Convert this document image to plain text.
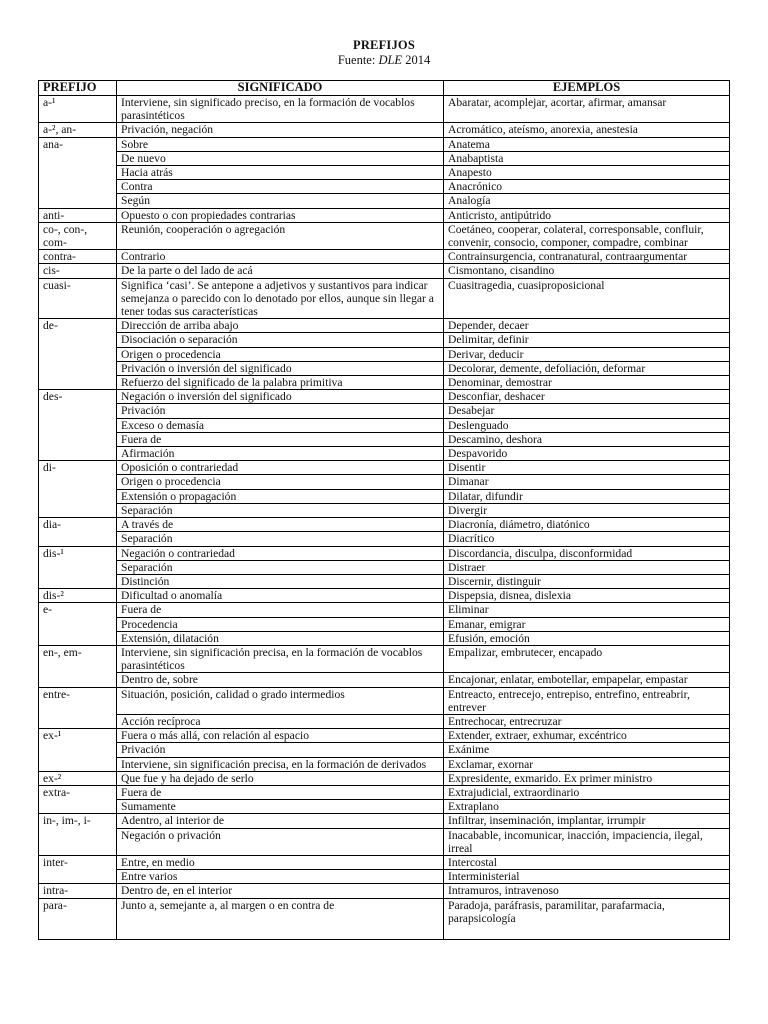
PREFIJOS
Fuente: DLE 2014
PREFIJO	SIGNIFICADO	EJEMPLOS
a-¹	Interviene, sin significado preciso, en la formación de vocablos parasintéticos	Abaratar, acomplejar, acortar, afirmar, amansar
a-², an-	Privación, negación	Acromático, ateísmo, anorexia, anestesia
ana-	Sobre	Anatema
	De nuevo	Anabaptista
	Hacia atrás	Anapesto
	Contra	Anacrónico
	Según	Analogía
anti-	Opuesto o con propiedades contrarias	Anticristo, antipútrido
co-, con-, com-	Reunión, cooperación o agregación	Coetáneo, cooperar, colateral, corresponsable, confluir, convenir, consocio, componer, compadre, combinar
contra-	Contrario	Contrainsurgencia, contranatural, contraargumentar
cis-	De la parte o del lado de acá	Cismontano, cisandino
cuasi-	Significa ‘casi’. Se antepone a adjetivos y sustantivos para indicar semejanza o parecido con lo denotado por ellos, aunque sin llegar a tener todas sus características	Cuasitragedia, cuasiproposicional
de-	Dirección de arriba abajo	Depender, decaer
	Disociación o separación	Delimitar, definir
	Origen o procedencia	Derivar, deducir
	Privación o inversión del significado	Decolorar, demente, defoliación, deformar
	Refuerzo del significado de la palabra primitiva	Denominar, demostrar
des-	Negación o inversión del significado	Desconfiar, deshacer
	Privación	Desabejar
	Exceso o demasía	Deslenguado
	Fuera de	Descamino, deshora
	Afirmación	Despavorido
di-	Oposición o contrariedad	Disentir
	Origen o procedencia	Dimanar
	Extensión o propagación	Dilatar, difundir
	Separación	Divergir
dia-	A través de	Diacronía, diámetro, diatónico
	Separación	Diacrítico
dis-¹	Negación o contrariedad	Discordancia, disculpa, disconformidad
	Separación	Distraer
	Distinción	Discernir, distinguir
dis-²	Dificultad o anomalía	Dispepsia, disnea, dislexia
e-	Fuera de	Eliminar
	Procedencia	Emanar, emigrar
	Extensión, dilatación	Efusión, emoción
en-, em-	Interviene, sin significación precisa, en la formación de vocablos parasintéticos	Empalizar, embrutecer, encapado
	Dentro de, sobre	Encajonar, enlatar, embotellar, empapelar, empastar
entre-	Situación, posición, calidad o grado intermedios	Entreacto, entrecejo, entrepiso, entrefino, entreabrir, entrever
	Acción recíproca	Entrechocar, entrecruzar
ex-¹	Fuera o más allá, con relación al espacio	Extender, extraer, exhumar, excéntrico
	Privación	Exánime
	Interviene, sin significación precisa, en la formación de derivados	Exclamar, exornar
ex-²	Que fue y ha dejado de serlo	Expresidente, exmarido. Ex primer ministro
extra-	Fuera de	Extrajudicial, extraordinario
	Sumamente	Extraplano
in-, im-, i-	Adentro, al interior de	Infiltrar, inseminación, implantar, irrumpir
	Negación o privación	Inacabable, incomunicar, inacción, impaciencia, ilegal, irreal
inter-	Entre, en medio	Intercostal
	Entre varios	Interministerial
intra-	Dentro de, en el interior	Intramuros, intravenoso
para-	Junto a, semejante a, al margen o en contra de	Paradoja, paráfrasis, paramilitar, parafarmacia, parapsicología
